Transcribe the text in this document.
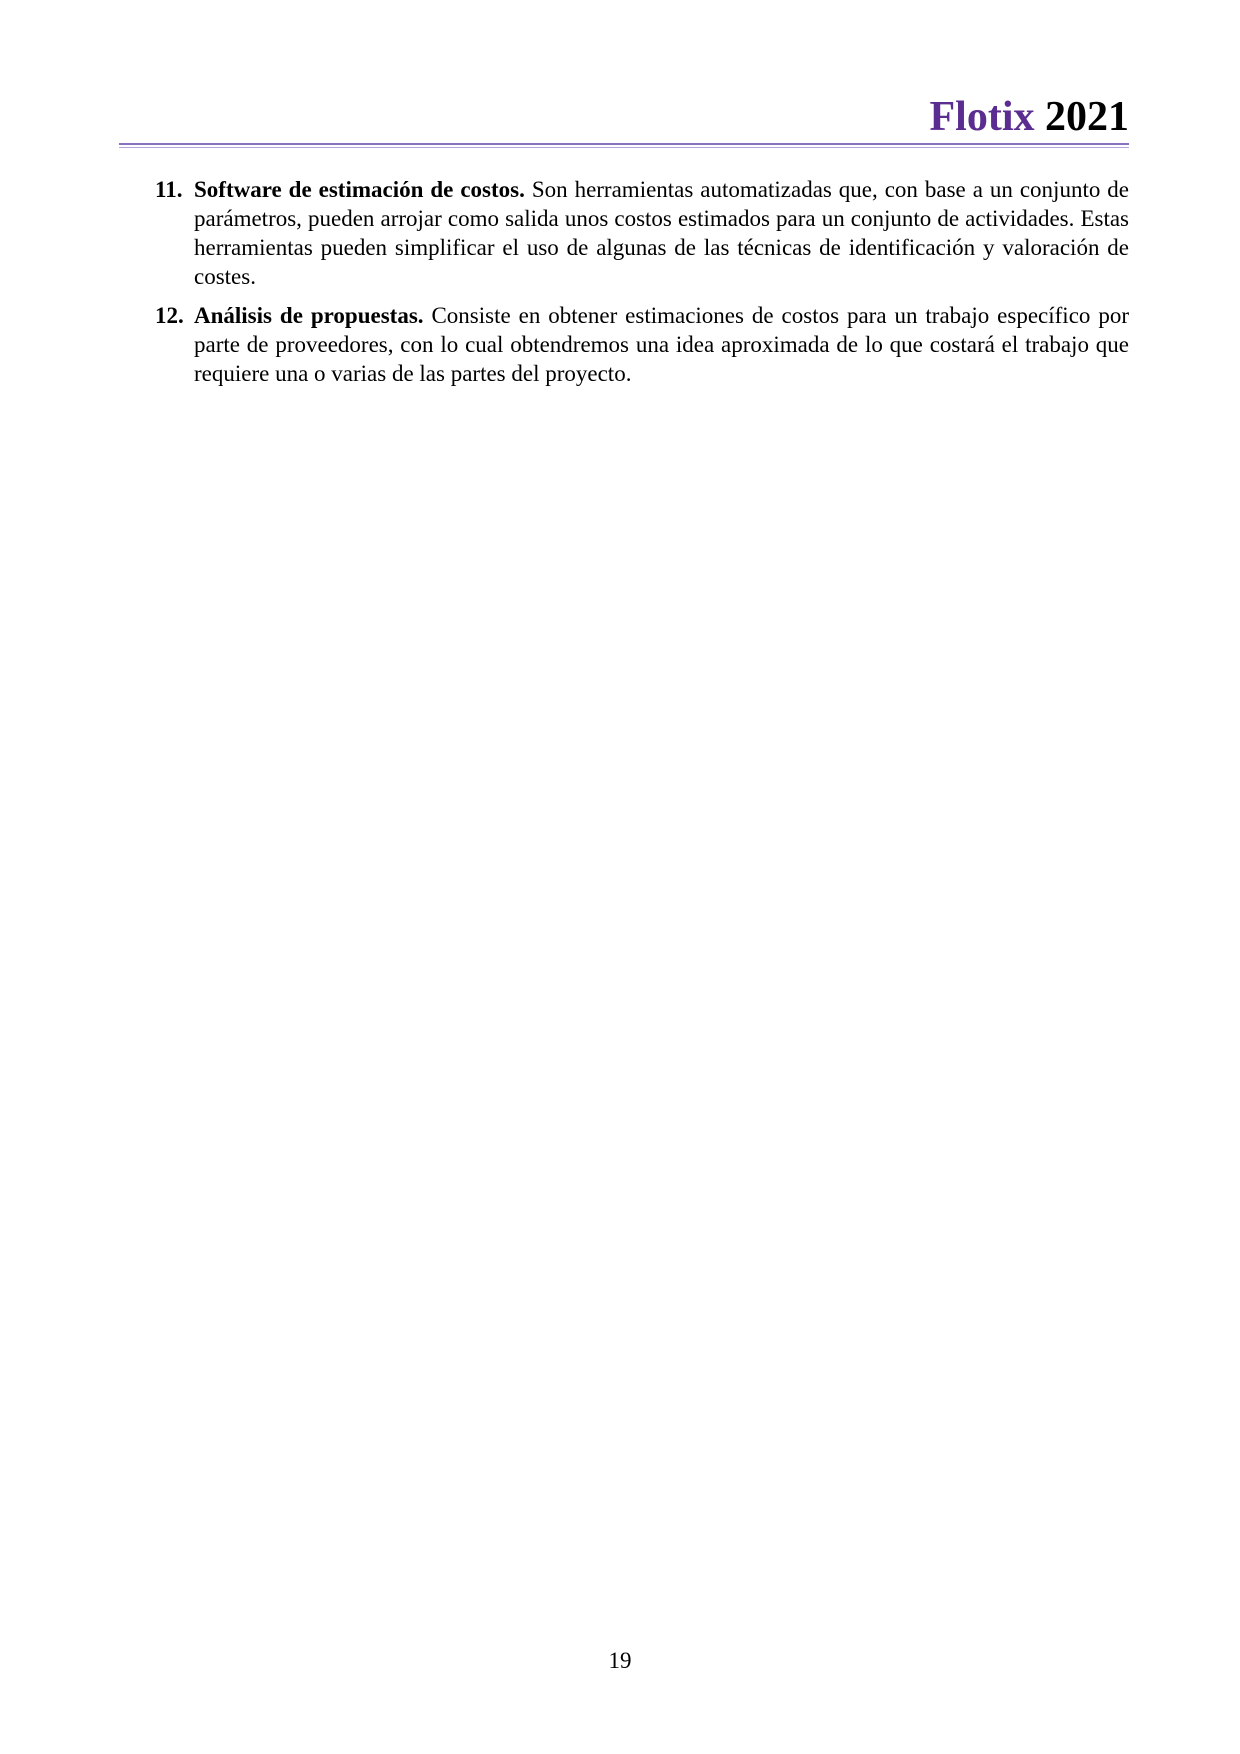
Flotix 2021
11. Software de estimación de costos. Son herramientas automatizadas que, con base a un conjunto de parámetros, pueden arrojar como salida unos costos estimados para un conjunto de actividades. Estas herramientas pueden simplificar el uso de algunas de las técnicas de identificación y valoración de costes.
12. Análisis de propuestas. Consiste en obtener estimaciones de costos para un trabajo específico por parte de proveedores, con lo cual obtendremos una idea aproximada de lo que costará el trabajo que requiere una o varias de las partes del proyecto.
19
